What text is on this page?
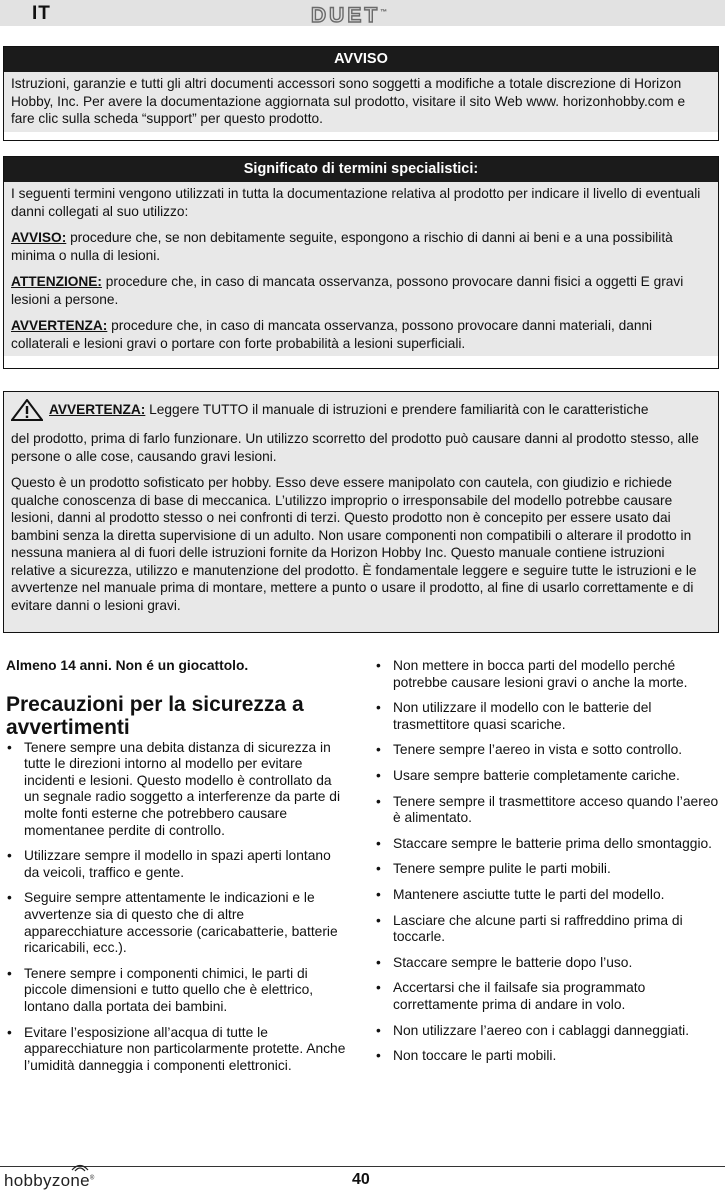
IT	DUET™
AVVISO

Istruzioni, garanzie e tutti gli altri documenti accessori sono soggetti a modifiche a totale discrezione di Horizon Hobby, Inc. Per avere la documentazione aggiornata sul prodotto, visitare il sito Web www. horizonhobby.com e fare clic sulla scheda “support” per questo prodotto.

Significato di termini specialistici:

I seguenti termini vengono utilizzati in tutta la documentazione relativa al prodotto per indicare il livello di eventuali danni collegati al suo utilizzo:

AVVISO: procedure che, se non debitamente seguite, espongono a rischio di danni ai beni e a una possibilità minima o nulla di lesioni.

ATTENZIONE: procedure che, in caso di mancata osservanza, possono provocare danni fisici a oggetti E gravi lesioni a persone.

AVVERTENZA: procedure che, in caso di mancata osservanza, possono provocare danni materiali, danni collaterali e lesioni gravi o portare con forte probabilità a lesioni superficiali.

AVVERTENZA: Leggere TUTTO il manuale di istruzioni e prendere familiarità con le caratteristiche

del prodotto, prima di farlo funzionare. Un utilizzo scorretto del prodotto può causare danni al prodotto stesso, alle persone o alle cose, causando gravi lesioni.

Questo è un prodotto sofisticato per hobby. Esso deve essere manipolato con cautela, con giudizio e richiede qualche conoscenza di base di meccanica. L’utilizzo improprio o irresponsabile del modello potrebbe causare lesioni, danni al prodotto stesso o nei confronti di terzi. Questo prodotto non è concepito per essere usato dai bambini senza la diretta supervisione di un adulto. Non usare componenti non compatibili o alterare il prodotto in nessuna maniera al di fuori delle istruzioni fornite da Horizon Hobby Inc. Questo manuale contiene istruzioni relative a sicurezza, utilizzo e manutenzione del prodotto. È fondamentale leggere e seguire tutte le istruzioni e le avvertenze nel manuale prima di montare, mettere a punto o usare il prodotto, al fine di usarlo correttamente e di evitare danni o lesioni gravi.

Almeno 14 anni. Non é un giocattolo.

Precauzioni per la sicurezza a avvertimenti
• Tenere sempre una debita distanza di sicurezza in tutte le direzioni intorno al modello per evitare incidenti e lesioni. Questo modello è controllato da un segnale radio soggetto a interferenze da parte di molte fonti esterne che potrebbero causare momentanee perdite di controllo.
• Utilizzare sempre il modello in spazi aperti lontano da veicoli, traffico e gente.
• Seguire sempre attentamente le indicazioni e le avvertenze sia di questo che di altre apparecchiature accessorie (caricabatterie, batterie ricaricabili, ecc.).
• Tenere sempre i componenti chimici, le parti di piccole dimensioni e tutto quello che è elettrico, lontano dalla portata dei bambini.
• Evitare l’esposizione all’acqua di tutte le apparecchiature non particolarmente protette. Anche l’umidità danneggia i componenti elettronici.
• Non mettere in bocca parti del modello perché potrebbe causare lesioni gravi o anche la morte.
• Non utilizzare il modello con le batterie del trasmettitore quasi scariche.
• Tenere sempre l’aereo in vista e sotto controllo.
• Usare sempre batterie completamente cariche.
• Tenere sempre il trasmettitore acceso quando l’aereo è alimentato.
• Staccare sempre le batterie prima dello smontaggio.
• Tenere sempre pulite le parti mobili.
• Mantenere asciutte tutte le parti del modello.
• Lasciare che alcune parti si raffreddino prima di toccarle.
• Staccare sempre le batterie dopo l’uso.
• Accertarsi che il failsafe sia programmato correttamente prima di andare in volo.
• Non utilizzare l’aereo con i cablaggi danneggiati.
• Non toccare le parti mobili.
hobbyzone®	40
